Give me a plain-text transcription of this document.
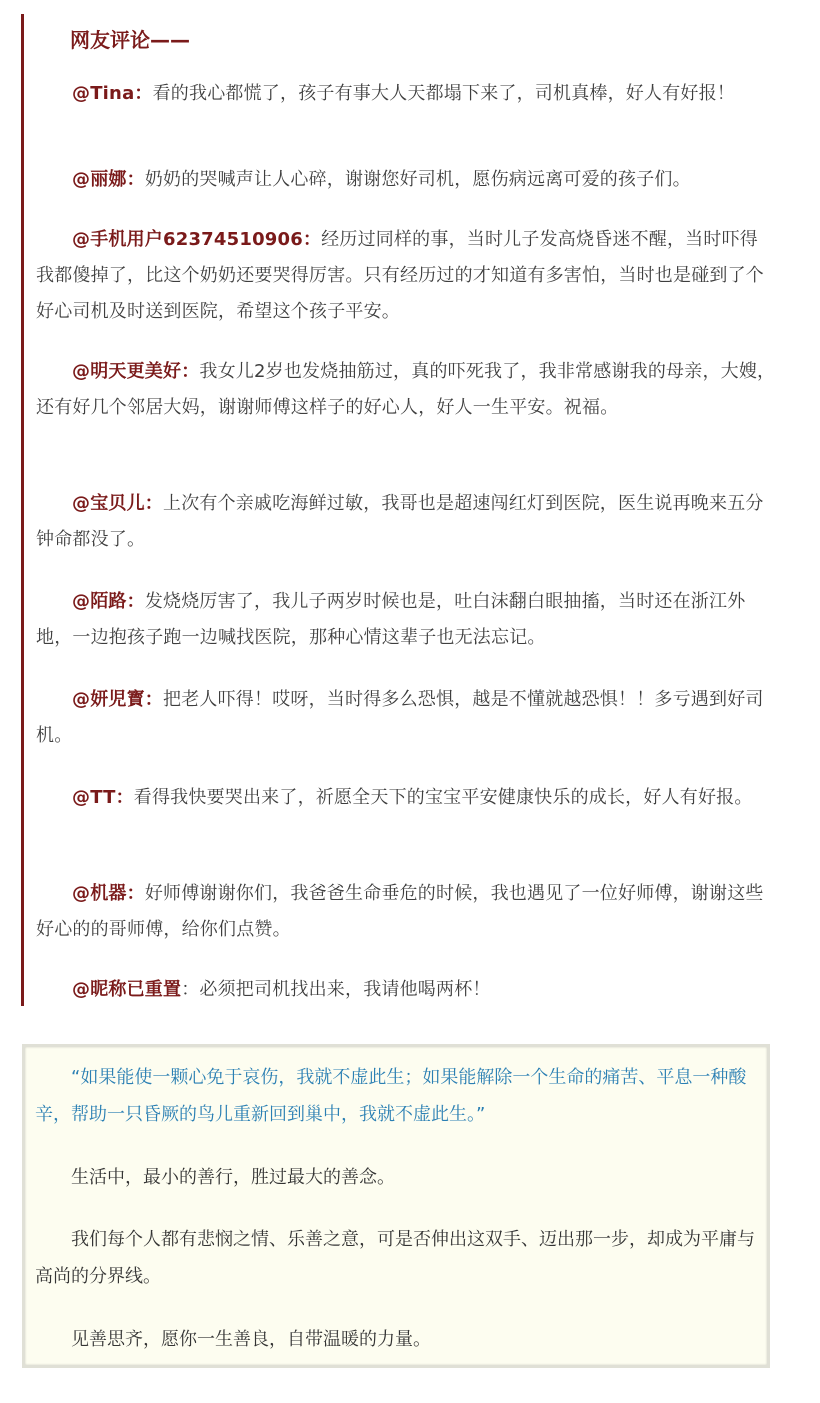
网友评论——

@Tina：看的我心都慌了，孩子有事大人天都塌下来了，司机真棒，好人有好报！

@丽娜：奶奶的哭喊声让人心碎，谢谢您好司机，愿伤病远离可爱的孩子们。

@手机用户62374510906：经历过同样的事，当时儿子发高烧昏迷不醒，当时吓得我都傻掉了，比这个奶奶还要哭得厉害。只有经历过的才知道有多害怕，当时也是碰到了个好心司机及时送到医院，希望这个孩子平安。

@明天更美好：我女儿2岁也发烧抽筋过，真的吓死我了，我非常感谢我的母亲，大嫂，还有好几个邻居大妈，谢谢师傅这样子的好心人，好人一生平安。祝福。

@宝贝儿：上次有个亲戚吃海鲜过敏，我哥也是超速闯红灯到医院，医生说再晚来五分钟命都没了。

@陌路：发烧烧厉害了，我儿子两岁时候也是，吐白沫翻白眼抽搐，当时还在浙江外地，一边抱孩子跑一边喊找医院，那种心情这辈子也无法忘记。

@妍児寳：把老人吓得！哎呀，当时得多么恐惧，越是不懂就越恐惧！！多亏遇到好司机。

@TT：看得我快要哭出来了，祈愿全天下的宝宝平安健康快乐的成长，好人有好报。

@机器：好师傅谢谢你们，我爸爸生命垂危的时候，我也遇见了一位好师傅，谢谢这些好心的的哥师傅，给你们点赞。

@昵称已重置：必须把司机找出来，我请他喝两杯！

“如果能使一颗心免于哀伤，我就不虚此生；如果能解除一个生命的痛苦、平息一种酸辛，帮助一只昏厥的鸟儿重新回到巢中，我就不虚此生。”

生活中，最小的善行，胜过最大的善念。

我们每个人都有悲悯之情、乐善之意，可是否伸出这双手、迈出那一步，却成为平庸与高尚的分界线。

见善思齐，愿你一生善良，自带温暖的力量。
